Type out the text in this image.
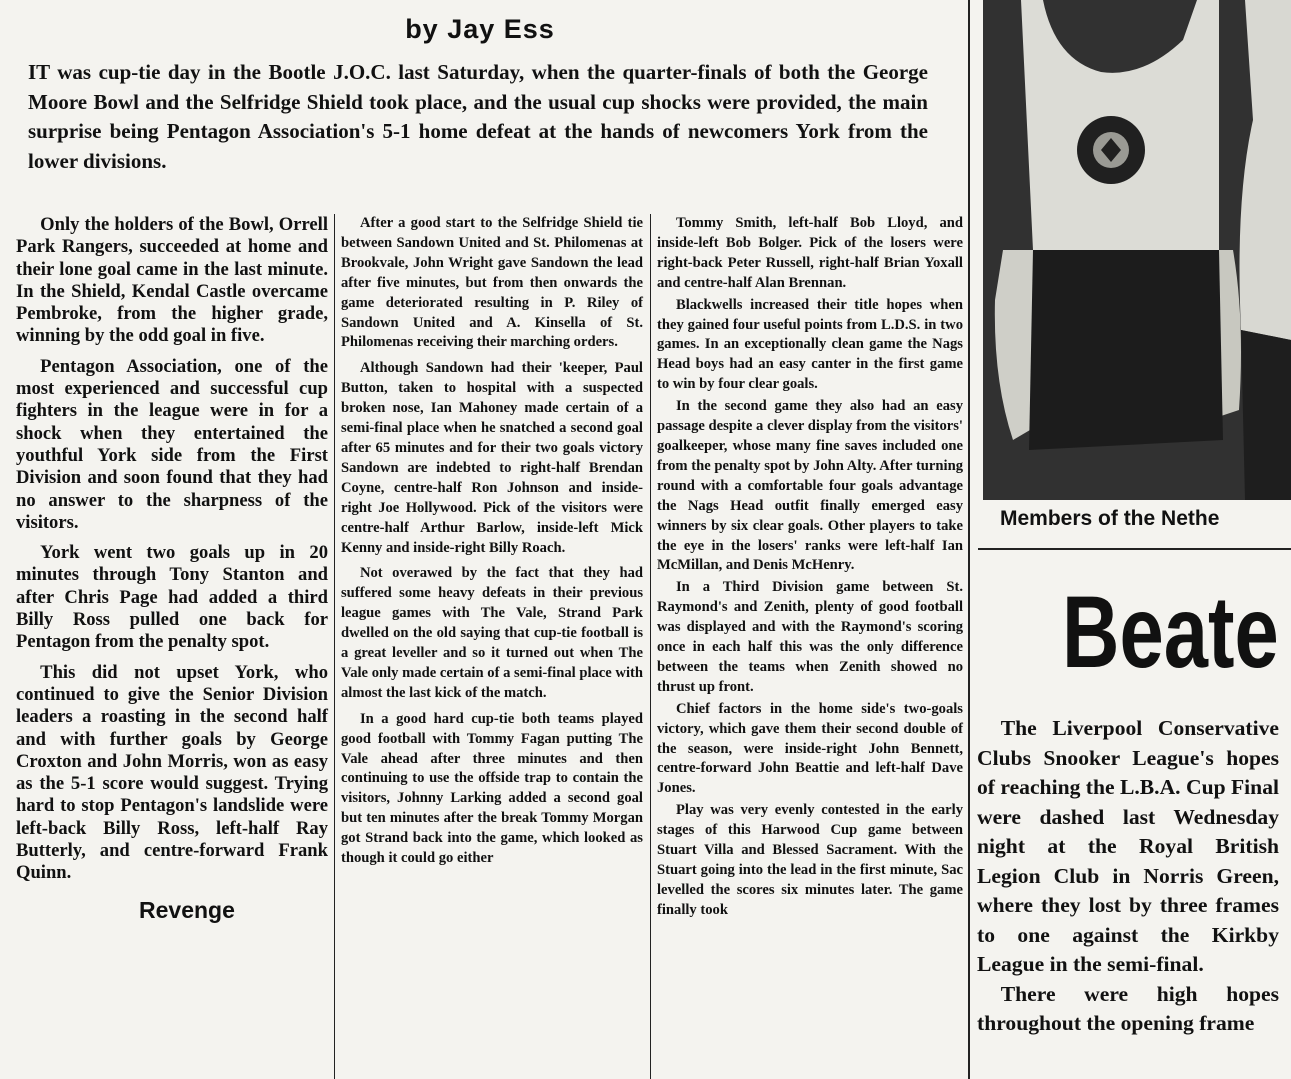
by Jay Ess

IT was cup-tie day in the Bootle J.O.C. last Saturday, when the quarter-finals of both the George Moore Bowl and the Selfridge Shield took place, and the usual cup shocks were provided, the main surprise being Pentagon Association's 5-1 home defeat at the hands of newcomers York from the lower divisions.

Only the holders of the Bowl, Orrell Park Rangers, succeeded at home and their lone goal came in the last minute. In the Shield, Kendal Castle overcame Pembroke, from the higher grade, winning by the odd goal in five.

Pentagon Association, one of the most experienced and successful cup fighters in the league were in for a shock when they entertained the youthful York side from the First Division and soon found that they had no answer to the sharpness of the visitors.

York went two goals up in 20 minutes through Tony Stanton and after Chris Page had added a third Billy Ross pulled one back for Pentagon from the penalty spot.

This did not upset York, who continued to give the Senior Division leaders a roasting in the second half and with further goals by George Croxton and John Morris, won as easy as the 5-1 score would suggest. Trying hard to stop Pentagon's landslide were left-back Billy Ross, left-half Ray Butterly, and centre-forward Frank Quinn.

Revenge

After a good start to the Selfridge Shield tie between Sandown United and St. Philomenas at Brookvale, John Wright gave Sandown the lead after five minutes, but from then onwards the game deteriorated resulting in P. Riley of Sandown United and A. Kinsella of St. Philomenas receiving their marching orders.

Although Sandown had their 'keeper, Paul Button, taken to hospital with a suspected broken nose, Ian Mahoney made certain of a semi-final place when he snatched a second goal after 65 minutes and for their two goals victory Sandown are indebted to right-half Brendan Coyne, centre-half Ron Johnson and inside-right Joe Hollywood. Pick of the visitors were centre-half Arthur Barlow, inside-left Mick Kenny and inside-right Billy Roach.

Not overawed by the fact that they had suffered some heavy defeats in their previous league games with The Vale, Strand Park dwelled on the old saying that cup-tie football is a great leveller and so it turned out when The Vale only made certain of a semi-final place with almost the last kick of the match.

In a good hard cup-tie both teams played good football with Tommy Fagan putting The Vale ahead after three minutes and then continuing to use the offside trap to contain the visitors, Johnny Larking added a second goal but ten minutes after the break Tommy Morgan got Strand back into the game, which looked as though it could go either

Tommy Smith, left-half Bob Lloyd, and inside-left Bob Bolger. Pick of the losers were right-back Peter Russell, right-half Brian Yoxall and centre-half Alan Brennan.

Blackwells increased their title hopes when they gained four useful points from L.D.S. in two games. In an exceptionally clean game the Nags Head boys had an easy canter in the first game to win by four clear goals.

In the second game they also had an easy passage despite a clever display from the visitors' goalkeeper, whose many fine saves included one from the penalty spot by John Alty. After turning round with a comfortable four goals advantage the Nags Head outfit finally emerged easy winners by six clear goals. Other players to take the eye in the losers' ranks were left-half Ian McMillan, and Denis McHenry.

In a Third Division game between St. Raymond's and Zenith, plenty of good football was displayed and with the Raymond's scoring once in each half this was the only difference between the teams when Zenith showed no thrust up front.

Chief factors in the home side's two-goals victory, which gave them their second double of the season, were inside-right John Bennett, centre-forward John Beattie and left-half Dave Jones.

Play was very evenly contested in the early stages of this Harwood Cup game between Stuart Villa and Blessed Sacrament. With the Stuart going into the lead in the first minute, Sac levelled the scores six minutes later. The game finally took

Members of the Nethe
Beate

The Liverpool Conservative Clubs Snooker League's hopes of reaching the L.B.A. Cup Final were dashed last Wednesday night at the Royal British Legion Club in Norris Green, where they lost by three frames to one against the Kirkby League in the semi-final.

There were high hopes throughout the opening frame
